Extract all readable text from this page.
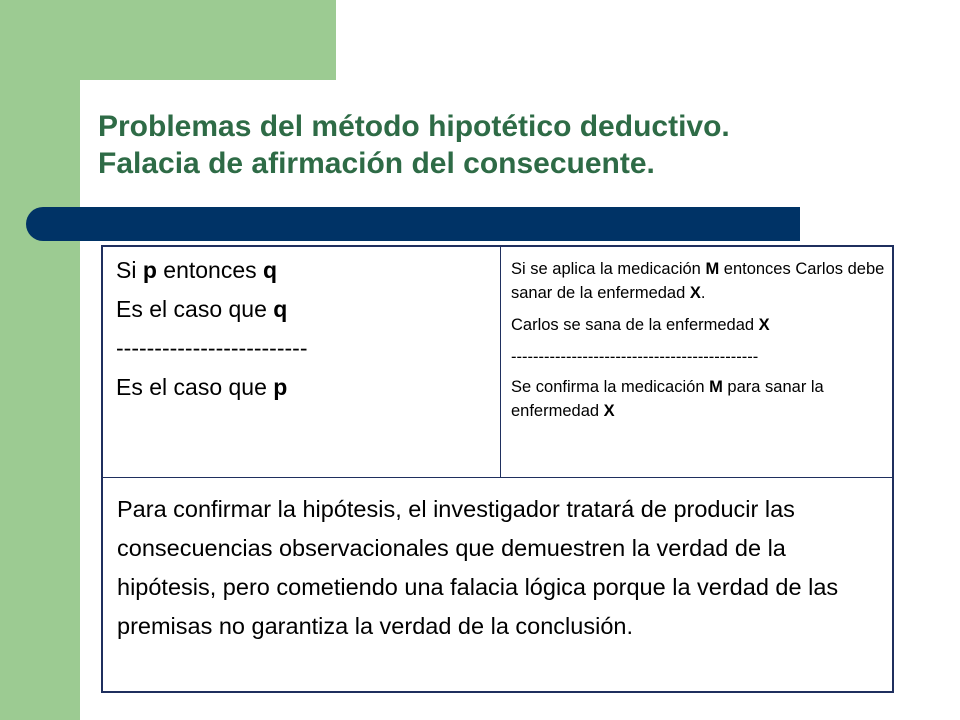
Problemas del método hipotético deductivo.
Falacia de afirmación del consecuente.

Si p entonces q

Es el caso que q

-------------------------

Es el caso que p

Si se aplica la medicación M entonces Carlos debe sanar de la enfermedad X.

Carlos se sana de la enfermedad X

---------------------------------------------

Se confirma la medicación M para sanar la enfermedad X

Para confirmar la hipótesis, el investigador tratará de producir las consecuencias observacionales que demuestren la verdad de la hipótesis, pero cometiendo una falacia lógica porque la verdad de las premisas no garantiza la verdad de la conclusión.
